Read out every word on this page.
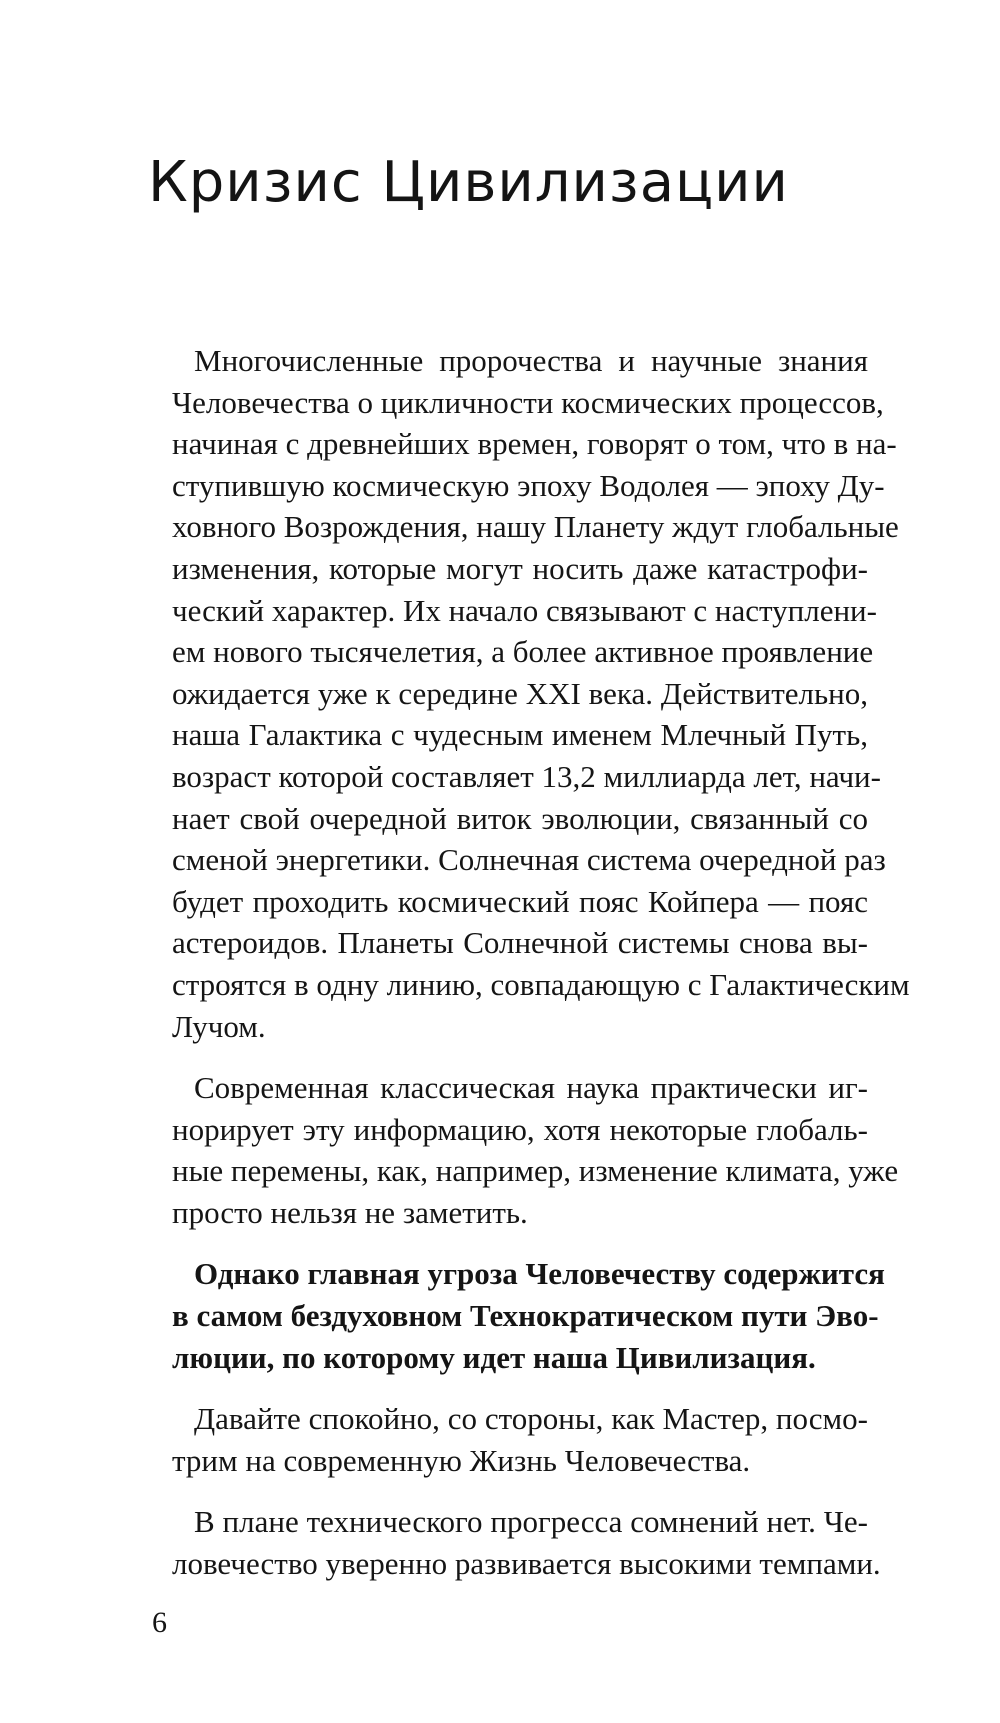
Кризис Цивилизации

Многочисленные пророчества и научные знания
Человечества о цикличности космических процессов,
начиная с древнейших времен, говорят о том, что в на-
ступившую космическую эпоху Водолея — эпоху Ду-
ховного Возрождения, нашу Планету ждут глобальные
изменения, которые могут носить даже катастрофи-
ческий характер. Их начало связывают с наступлени-
ем нового тысячелетия, а более активное проявление
ожидается уже к середине XXI века. Действительно,
наша Галактика с чудесным именем Млечный Путь,
возраст которой составляет 13,2 миллиарда лет, начи-
нает свой очередной виток эволюции, связанный со
сменой энергетики. Солнечная система очередной раз
будет проходить космический пояс Койпера — пояс
астероидов. Планеты Солнечной системы снова вы-
строятся в одну линию, совпадающую с Галактическим
Лучом.

Современная классическая наука практически иг-
норирует эту информацию, хотя некоторые глобаль-
ные перемены, как, например, изменение климата, уже
просто нельзя не заметить.

Однако главная угроза Человечеству содержится
в самом бездуховном Технократическом пути Эво-
люции, по которому идет наша Цивилизация.

Давайте спокойно, со стороны, как Мастер, посмо-
трим на современную Жизнь Человечества.

В плане технического прогресса сомнений нет. Че-
ловечество уверенно развивается высокими темпами.

6
